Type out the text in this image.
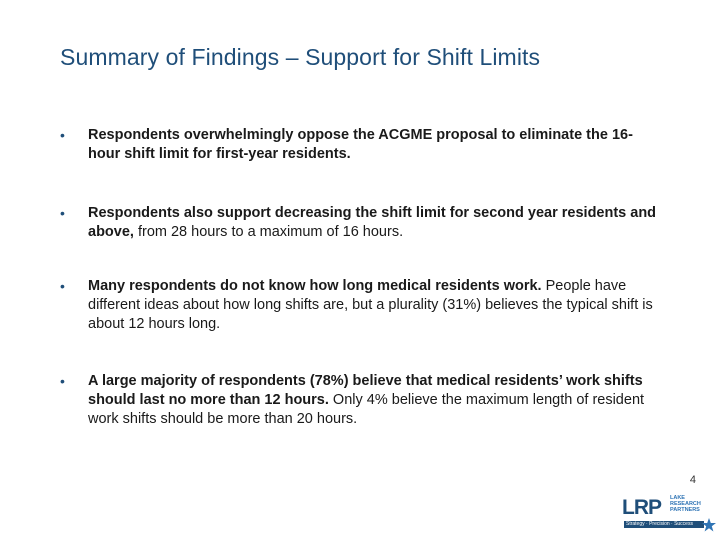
Summary of Findings – Support for Shift Limits
•	Respondents overwhelmingly oppose the ACGME proposal to eliminate the 16-hour shift limit for first-year residents.
•	Respondents also support decreasing the shift limit for second year residents and above, from 28 hours to a maximum of 16 hours.
•	Many respondents do not know how long medical residents work. People have different ideas about how long shifts are, but a plurality (31%) believes the typical shift is about 12 hours long.
•	A large majority of respondents (78%) believe that medical residents’ work shifts should last no more than 12 hours. Only 4% believe the maximum length of resident work shifts should be more than 20 hours.
4
LRP LAKE
RESEARCH
PARTNERS
Strategy · Precision · Success
